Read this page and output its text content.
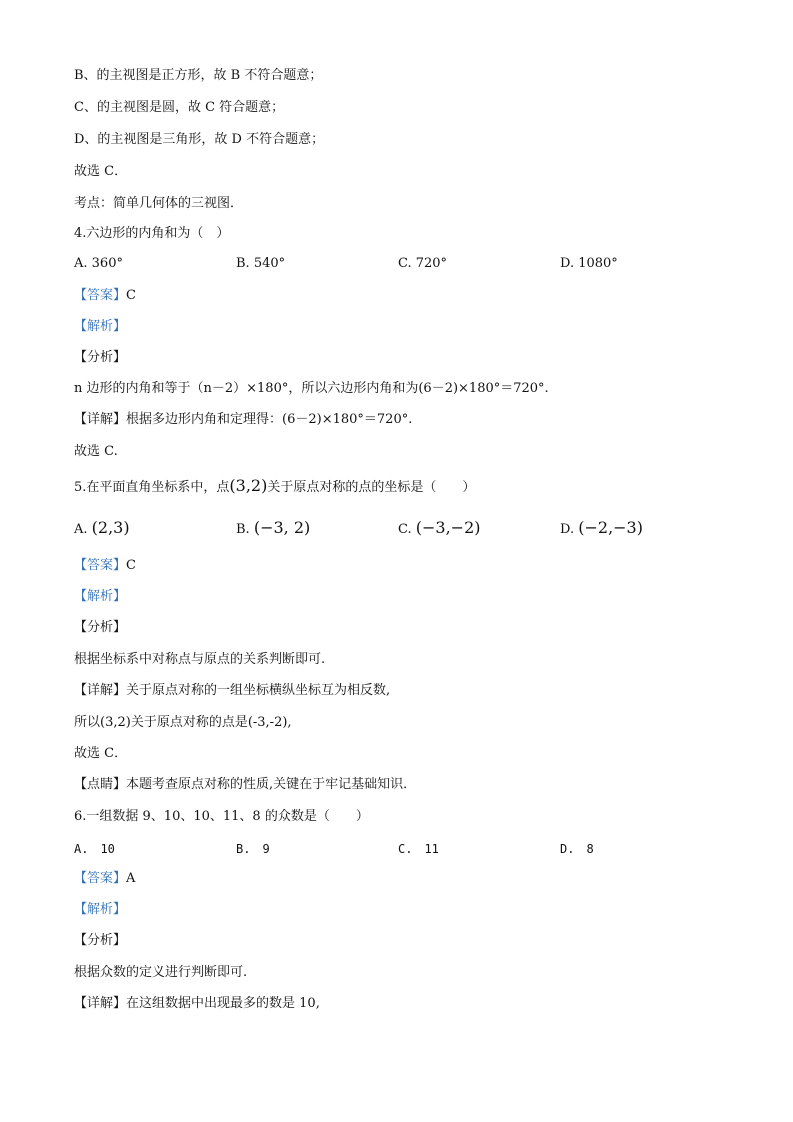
B、的主视图是正方形，故 B 不符合题意；
C、的主视图是圆，故 C 符合题意；
D、的主视图是三角形，故 D 不符合题意；
故选 C．
考点：简单几何体的三视图．
4.六边形的内角和为（　）
A. 360°	B. 540°	C. 720°	D. 1080°
【答案】C
【解析】
【分析】
n 边形的内角和等于（n－2）×180°，所以六边形内角和为(6－2)×180°＝720°.
【详解】根据多边形内角和定理得：(6－2)×180°＝720°.
故选 C.
5.在平面直角坐标系中，点(3,2)关于原点对称的点的坐标是（　　）
A. (2,3)	B. (−3, 2)	C. (−3,−2)	D. (−2,−3)
【答案】C
【解析】
【分析】
根据坐标系中对称点与原点的关系判断即可.
【详解】关于原点对称的一组坐标横纵坐标互为相反数,
所以(3,2)关于原点对称的点是(-3,-2),
故选 C．
【点睛】本题考查原点对称的性质,关键在于牢记基础知识．
6.一组数据 9、10、10、11、8 的众数是（　　）
A.　10	B.　9	C.　11	D.　8
【答案】A
【解析】
【分析】
根据众数的定义进行判断即可.
【详解】在这组数据中出现最多的数是 10,
